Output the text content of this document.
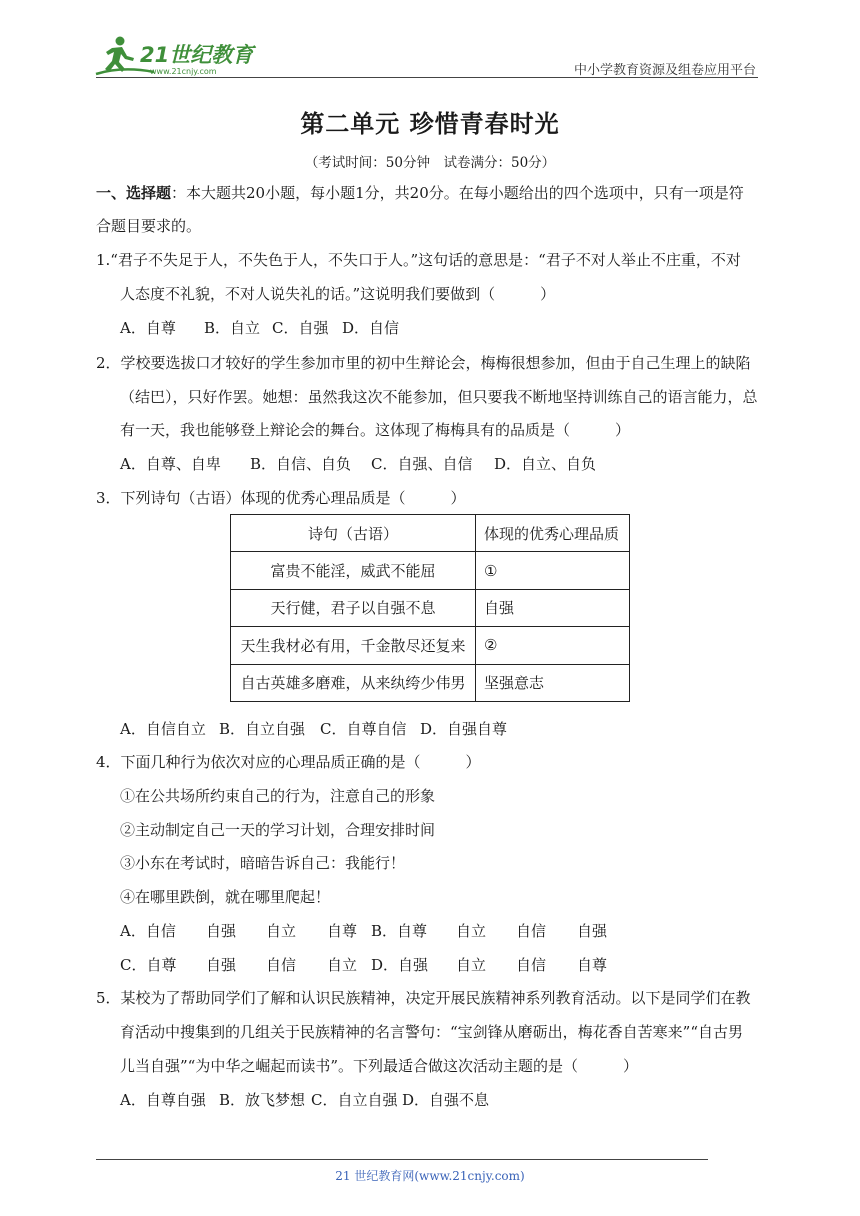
21世纪教育
www.21cnjy.com	中小学教育资源及组卷应用平台
第二单元 珍惜青春时光
（考试时间：50分钟　试卷满分：50分）
一、选择题：本大题共20小题，每小题1分，共20分。在每小题给出的四个选项中，只有一项是符
合题目要求的。
1.“君子不失足于人，不失色于人，不失口于人。”这句话的意思是：“君子不对人举止不庄重，不对
人态度不礼貌，不对人说失礼的话。”这说明我们要做到（　　　）
A．自尊 B．自立 C．自强 D．自信
2．学校要选拔口才较好的学生参加市里的初中生辩论会，梅梅很想参加，但由于自己生理上的缺陷
（结巴），只好作罢。她想：虽然我这次不能参加，但只要我不断地坚持训练自己的语言能力，总
有一天，我也能够登上辩论会的舞台。这体现了梅梅具有的品质是（　　　）
A．自尊、自卑 B．自信、自负 C．自强、自信 D．自立、自负
3．下列诗句（古语）体现的优秀心理品质是（　　　）
诗句（古语）	体现的优秀心理品质
富贵不能淫，威武不能屈	①
天行健，君子以自强不息	自强
天生我材必有用，千金散尽还复来	②
自古英雄多磨难，从来纨绔少伟男	坚强意志
A．自信自立 B．自立自强 C．自尊自信 D．自强自尊
4．下面几种行为依次对应的心理品质正确的是（　　　）
①在公共场所约束自己的行为，注意自己的形象
②主动制定自己一天的学习计划，合理安排时间
③小东在考试时，暗暗告诉自己：我能行！
④在哪里跌倒，就在哪里爬起！
A．自信 自强 自立 自尊 B．自尊 自立 自信 自强
C．自尊 自强 自信 自立 D．自强 自立 自信 自尊
5．某校为了帮助同学们了解和认识民族精神，决定开展民族精神系列教育活动。以下是同学们在教
育活动中搜集到的几组关于民族精神的名言警句：“宝剑锋从磨砺出，梅花香自苦寒来”“自古男
儿当自强”“为中华之崛起而读书”。下列最适合做这次活动主题的是（　　　）
A．自尊自强 B．放飞梦想 C．自立自强 D．自强不息
21 世纪教育网(www.21cnjy.com)
